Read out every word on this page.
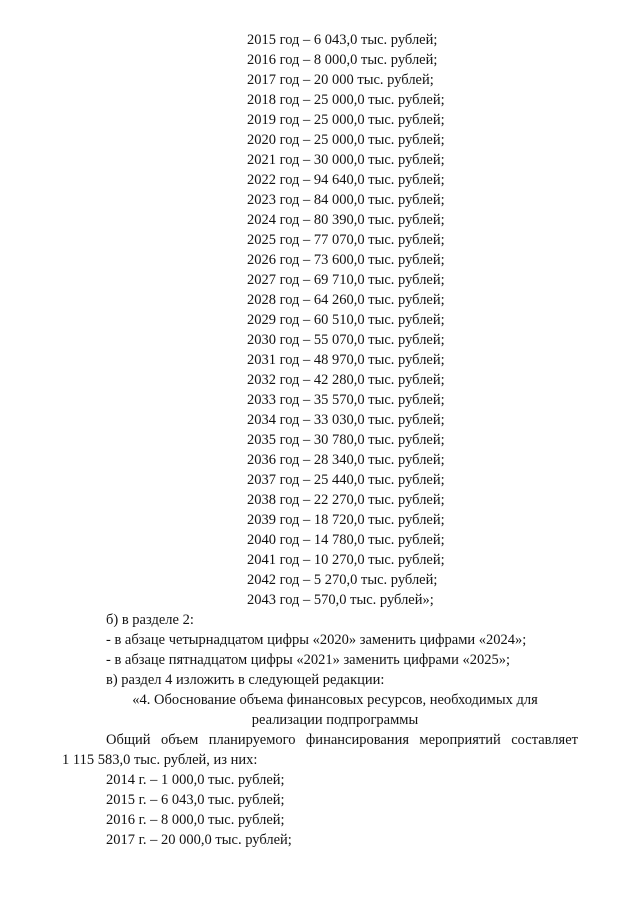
2015 год – 6 043,0 тыс. рублей;
2016 год – 8 000,0 тыс. рублей;
2017 год – 20 000 тыс. рублей;
2018 год – 25 000,0 тыс. рублей;
2019 год – 25 000,0 тыс. рублей;
2020 год – 25 000,0 тыс. рублей;
2021 год – 30 000,0 тыс. рублей;
2022 год – 94 640,0 тыс. рублей;
2023 год – 84 000,0 тыс. рублей;
2024 год – 80 390,0 тыс. рублей;
2025 год – 77 070,0 тыс. рублей;
2026 год – 73 600,0 тыс. рублей;
2027 год – 69 710,0 тыс. рублей;
2028 год – 64 260,0 тыс. рублей;
2029 год – 60 510,0 тыс. рублей;
2030 год – 55 070,0 тыс. рублей;
2031 год – 48 970,0 тыс. рублей;
2032 год – 42 280,0 тыс. рублей;
2033 год – 35 570,0 тыс. рублей;
2034 год – 33 030,0 тыс. рублей;
2035 год – 30 780,0 тыс. рублей;
2036 год – 28 340,0 тыс. рублей;
2037 год – 25 440,0 тыс. рублей;
2038 год – 22 270,0 тыс. рублей;
2039 год – 18 720,0 тыс. рублей;
2040 год – 14 780,0 тыс. рублей;
2041 год – 10 270,0 тыс. рублей;
2042 год – 5 270,0 тыс. рублей;
2043 год – 570,0 тыс. рублей»;
б) в разделе 2:
- в абзаце четырнадцатом цифры «2020» заменить цифрами «2024»;
- в абзаце пятнадцатом цифры «2021» заменить цифрами «2025»;
в) раздел 4 изложить в следующей редакции:
«4. Обоснование объема финансовых ресурсов, необходимых для
реализации подпрограммы
Общий объем планируемого финансирования мероприятий составляет
1 115 583,0 тыс. рублей, из них:
2014 г. – 1 000,0 тыс. рублей;
2015 г. – 6 043,0 тыс. рублей;
2016 г. – 8 000,0 тыс. рублей;
2017 г. – 20 000,0 тыс. рублей;
